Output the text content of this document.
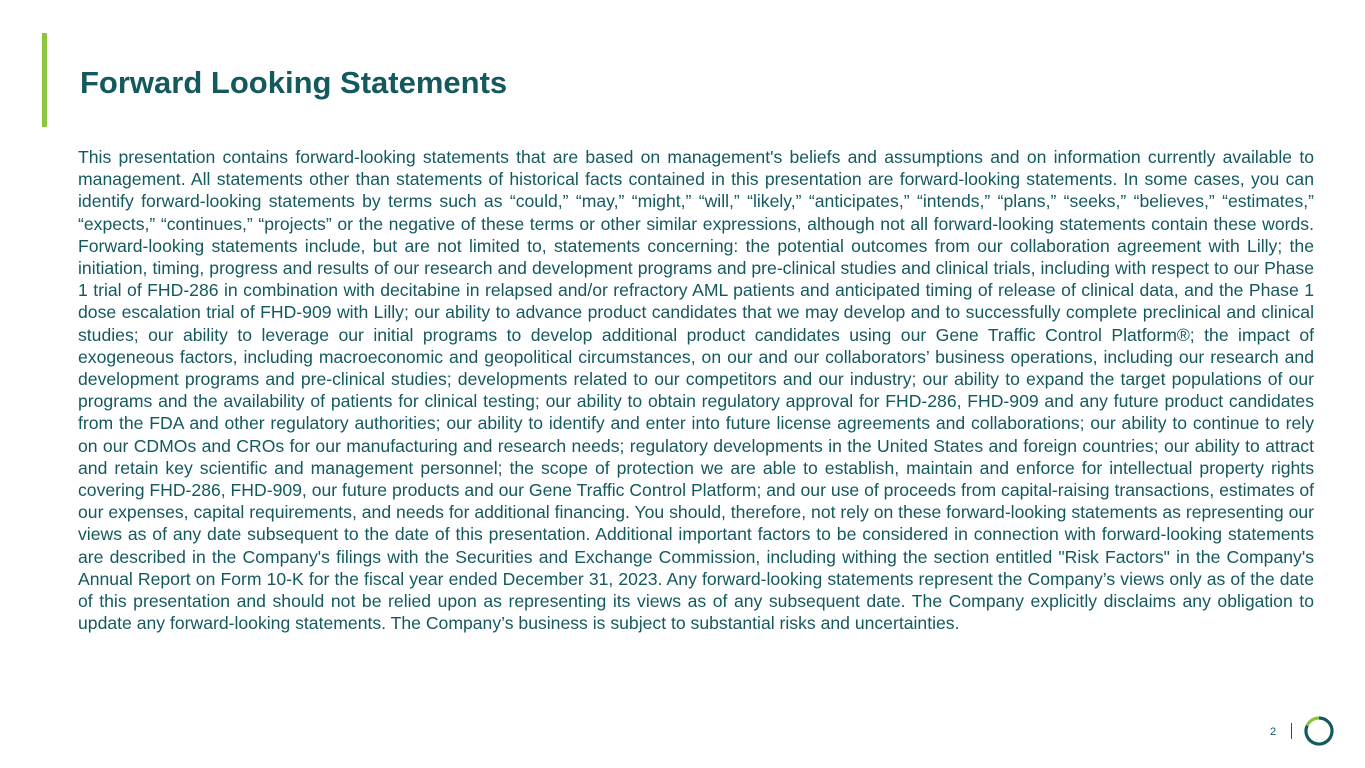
Forward Looking Statements

This presentation contains forward-looking statements that are based on management's beliefs and assumptions and on information currently available to management. All statements other than statements of historical facts contained in this presentation are forward-looking statements. In some cases, you can identify forward-looking statements by terms such as “could,” “may,” “might,” “will,” “likely,” “anticipates,” “intends,” “plans,” “seeks,” “believes,” “estimates,” “expects,” “continues,” “projects” or the negative of these terms or other similar expressions, although not all forward-looking statements contain these words. Forward-looking statements include, but are not limited to, statements concerning: the potential outcomes from our collaboration agreement with Lilly; the initiation, timing, progress and results of our research and development programs and pre-clinical studies and clinical trials, including with respect to our Phase 1 trial of FHD-286 in combination with decitabine in relapsed and/or refractory AML patients and anticipated timing of release of clinical data, and the Phase 1 dose escalation trial of FHD-909 with Lilly; our ability to advance product candidates that we may develop and to successfully complete preclinical and clinical studies; our ability to leverage our initial programs to develop additional product candidates using our Gene Traffic Control Platform®; the impact of exogeneous factors, including macroeconomic and geopolitical circumstances, on our and our collaborators’ business operations, including our research and development programs and pre-clinical studies; developments related to our competitors and our industry; our ability to expand the target populations of our programs and the availability of patients for clinical testing; our ability to obtain regulatory approval for FHD-286, FHD-909 and any future product candidates from the FDA and other regulatory authorities; our ability to identify and enter into future license agreements and collaborations; our ability to continue to rely on our CDMOs and CROs for our manufacturing and research needs; regulatory developments in the United States and foreign countries; our ability to attract and retain key scientific and management personnel; the scope of protection we are able to establish, maintain and enforce for intellectual property rights covering FHD-286, FHD-909, our future products and our Gene Traffic Control Platform; and our use of proceeds from capital-raising transactions, estimates of our expenses, capital requirements, and needs for additional financing. You should, therefore, not rely on these forward-looking statements as representing our views as of any date subsequent to the date of this presentation. Additional important factors to be considered in connection with forward-looking statements are described in the Company's filings with the Securities and Exchange Commission, including withing the section entitled "Risk Factors" in the Company's Annual Report on Form 10-K for the fiscal year ended December 31, 2023. Any forward-looking statements represent the Company’s views only as of the date of this presentation and should not be relied upon as representing its views as of any subsequent date. The Company explicitly disclaims any obligation to update any forward-looking statements. The Company’s business is subject to substantial risks and uncertainties.

2
